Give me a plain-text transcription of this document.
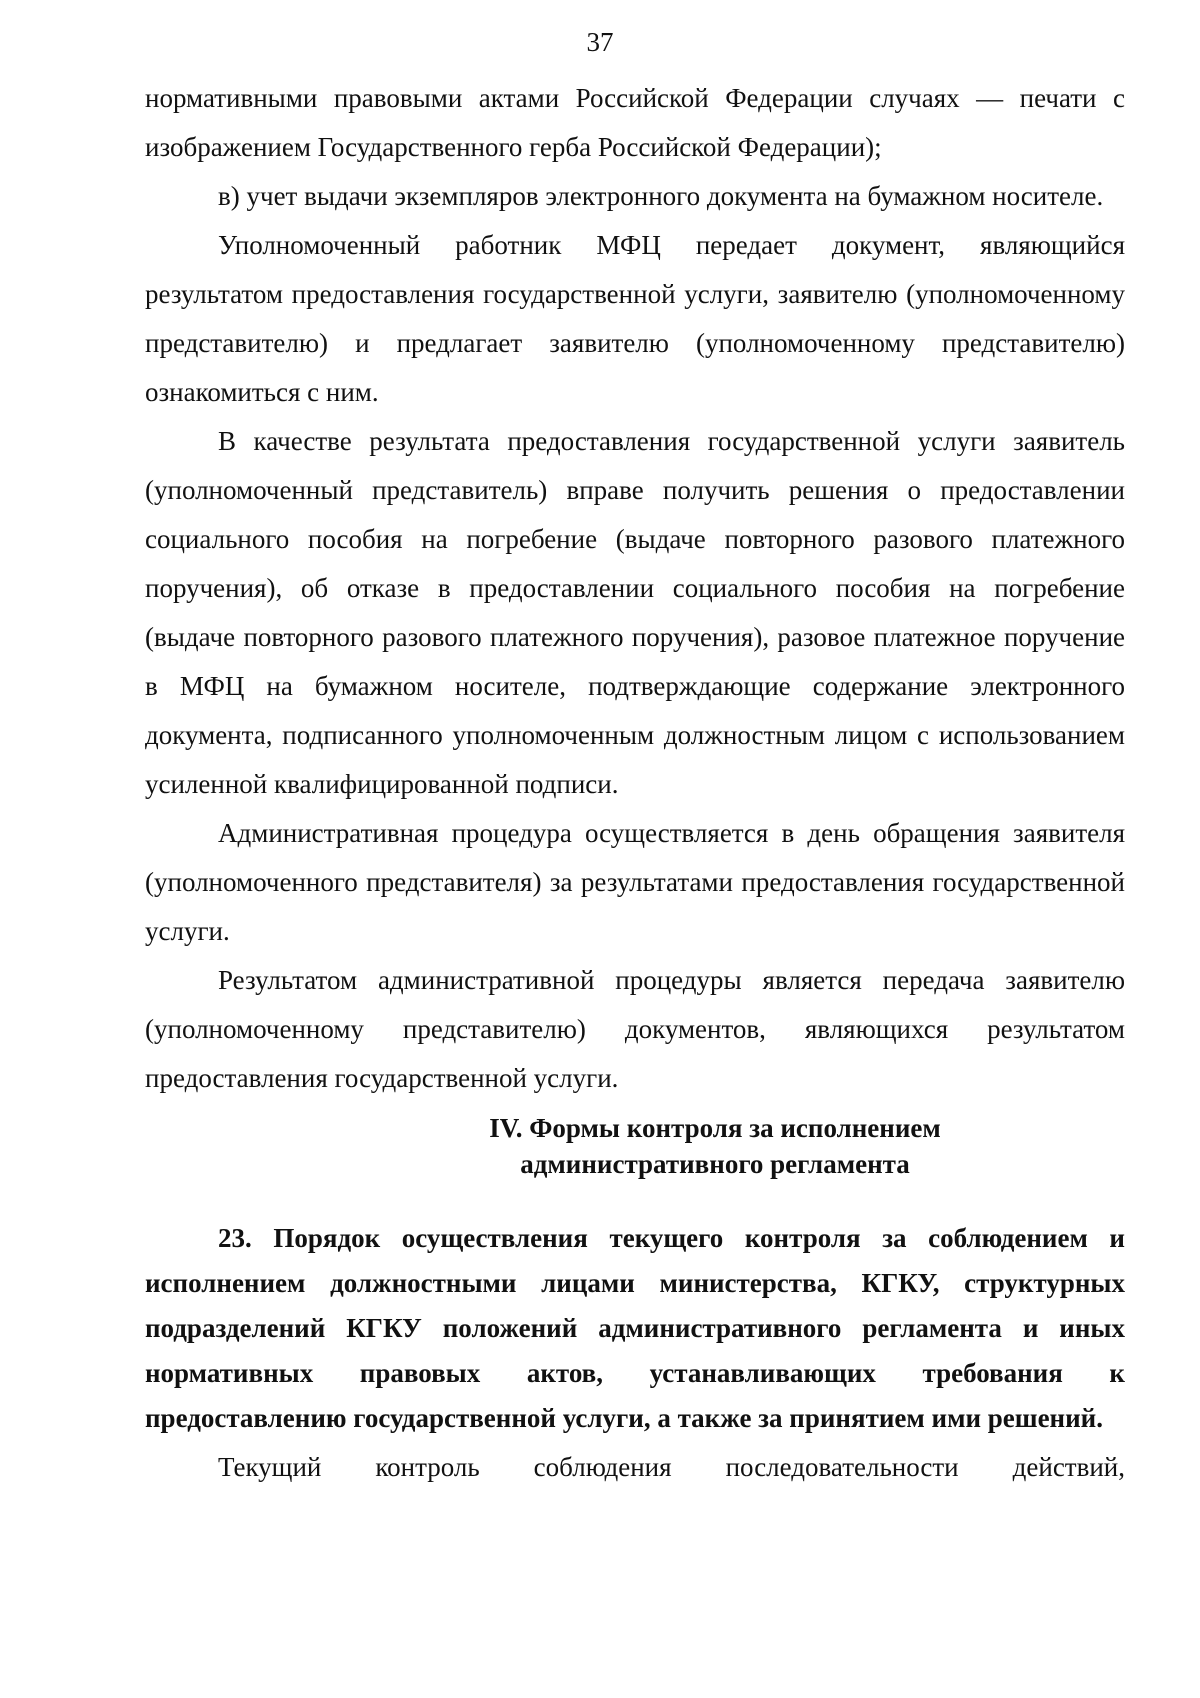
37

нормативными правовыми актами Российской Федерации случаях — печати с изображением Государственного герба Российской Федерации);

в) учет выдачи экземпляров электронного документа на бумажном носителе.

Уполномоченный работник МФЦ передает документ, являющийся результатом предоставления государственной услуги, заявителю (уполномоченному представителю) и предлагает заявителю (уполномоченному представителю) ознакомиться с ним.

В качестве результата предоставления государственной услуги заявитель (уполномоченный представитель) вправе получить решения о предоставлении социального пособия на погребение (выдаче повторного разового платежного поручения), об отказе в предоставлении социального пособия на погребение (выдаче повторного разового платежного поручения), разовое платежное поручение в МФЦ на бумажном носителе, подтверждающие содержание электронного документа, подписанного уполномоченным должностным лицом с использованием усиленной квалифицированной подписи.

Административная процедура осуществляется в день обращения заявителя (уполномоченного представителя) за результатами предоставления государственной услуги.

Результатом административной процедуры является передача заявителю (уполномоченному представителю) документов, являющихся результатом предоставления государственной услуги.

IV. Формы контроля за исполнением
административного регламента

23. Порядок осуществления текущего контроля за соблюдением и исполнением должностными лицами министерства, КГКУ, структурных подразделений КГКУ положений административного регламента и иных нормативных правовых актов, устанавливающих требования к предоставлению государственной услуги, а также за принятием ими решений.

Текущий контроль соблюдения последовательности действий,
